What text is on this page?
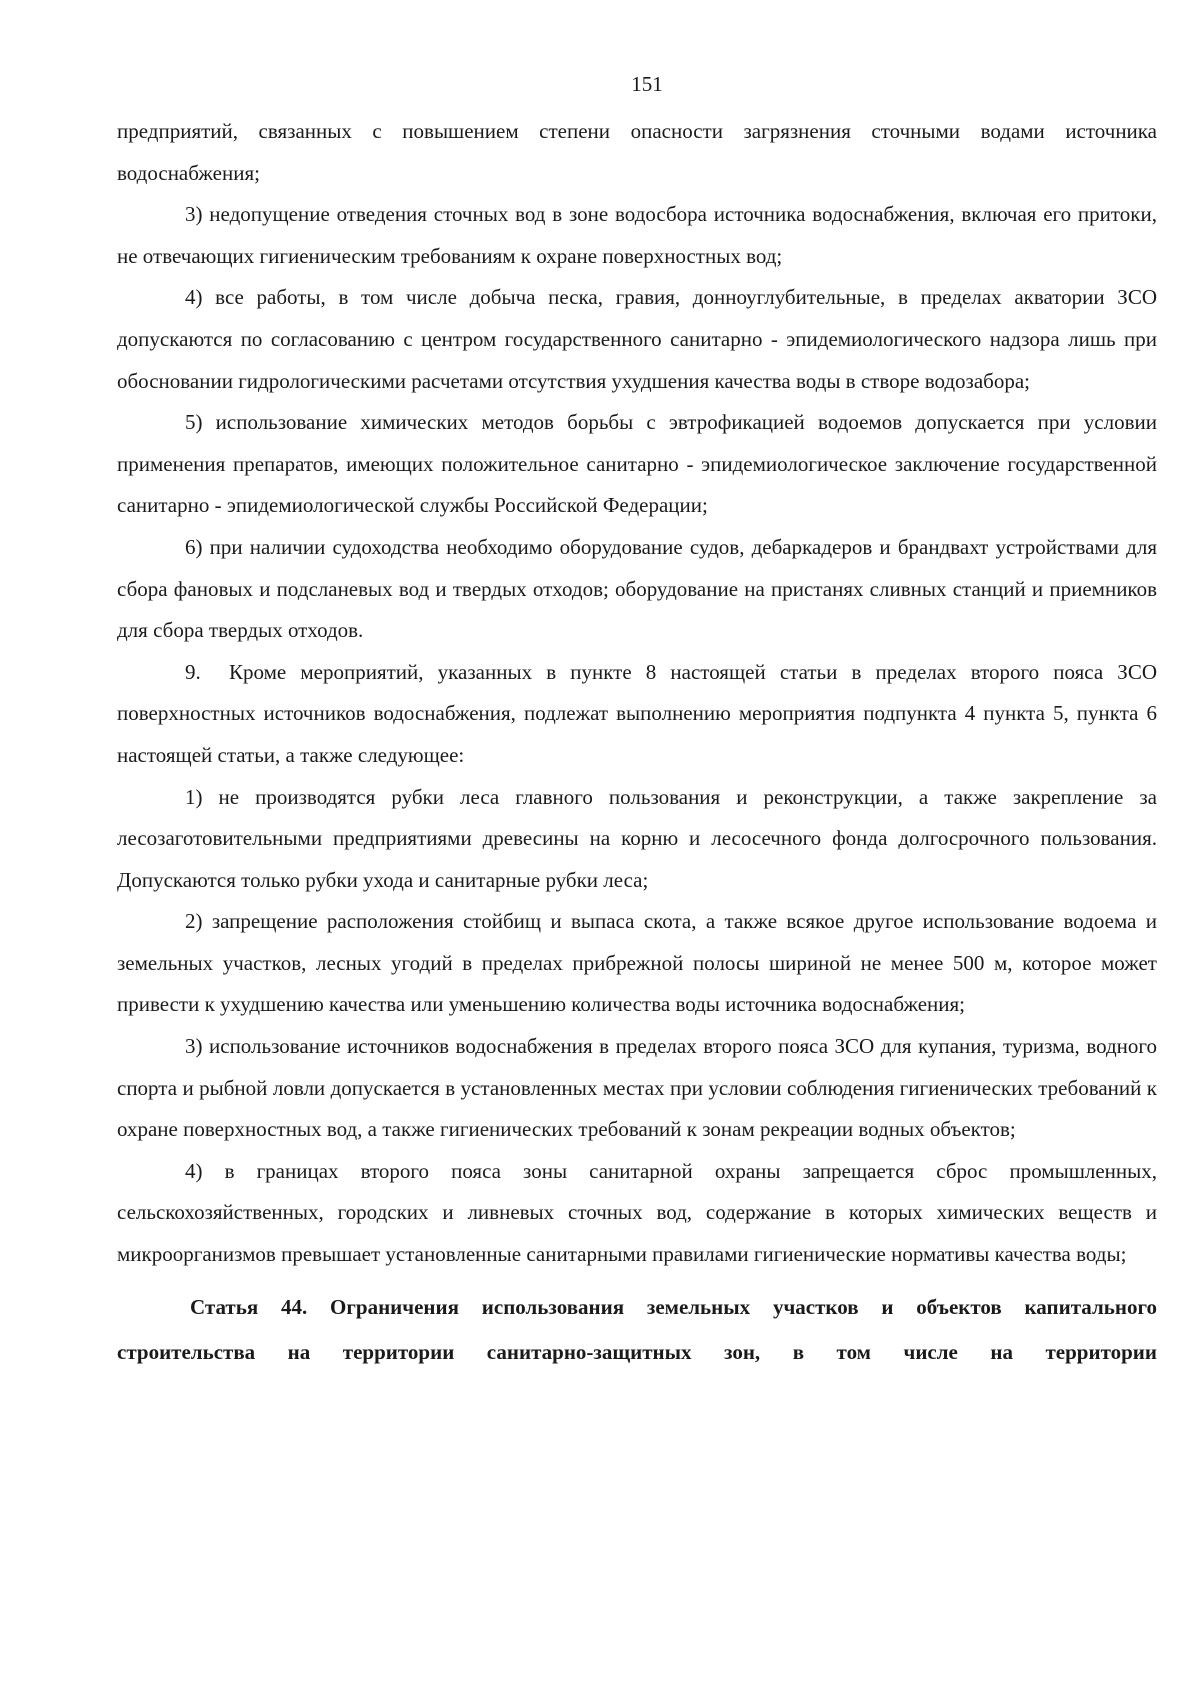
151

предприятий, связанных с повышением степени опасности загрязнения сточными водами источника водоснабжения;

3) недопущение отведения сточных вод в зоне водосбора источника водоснабжения, включая его притоки, не отвечающих гигиеническим требованиям к охране поверхностных вод;

4) все работы, в том числе добыча песка, гравия, донноуглубительные, в пределах акватории ЗСО допускаются по согласованию с центром государственного санитарно - эпидемиологического надзора лишь при обосновании гидрологическими расчетами отсутствия ухудшения качества воды в створе водозабора;

5) использование химических методов борьбы с эвтрофикацией водоемов допускается при условии применения препаратов, имеющих положительное санитарно - эпидемиологическое заключение государственной санитарно - эпидемиологической службы Российской Федерации;

6) при наличии судоходства необходимо оборудование судов, дебаркадеров и брандвахт устройствами для сбора фановых и подсланевых вод и твердых отходов; оборудование на пристанях сливных станций и приемников для сбора твердых отходов.

9.  Кроме мероприятий, указанных в пункте 8 настоящей статьи в пределах второго пояса ЗСО поверхностных источников водоснабжения, подлежат выполнению мероприятия подпункта 4 пункта 5, пункта 6 настоящей статьи, а также следующее:

1) не производятся рубки леса главного пользования и реконструкции, а также закрепление за лесозаготовительными предприятиями древесины на корню и лесосечного фонда долгосрочного пользования. Допускаются только рубки ухода и санитарные рубки леса;

2) запрещение расположения стойбищ и выпаса скота, а также всякое другое использование водоема и земельных участков, лесных угодий в пределах прибрежной полосы шириной не менее 500 м, которое может привести к ухудшению качества или уменьшению количества воды источника водоснабжения;

3) использование источников водоснабжения в пределах второго пояса ЗСО для купания, туризма, водного спорта и рыбной ловли допускается в установленных местах при условии соблюдения гигиенических требований к охране поверхностных вод, а также гигиенических требований к зонам рекреации водных объектов;

4) в границах второго пояса зоны санитарной охраны запрещается сброс промышленных, сельскохозяйственных, городских и ливневых сточных вод, содержание в которых химических веществ и микроорганизмов превышает установленные санитарными правилами гигиенические нормативы качества воды;

Статья 44. Ограничения использования земельных участков и объектов капитального строительства на территории санитарно-защитных зон, в том числе на территории
